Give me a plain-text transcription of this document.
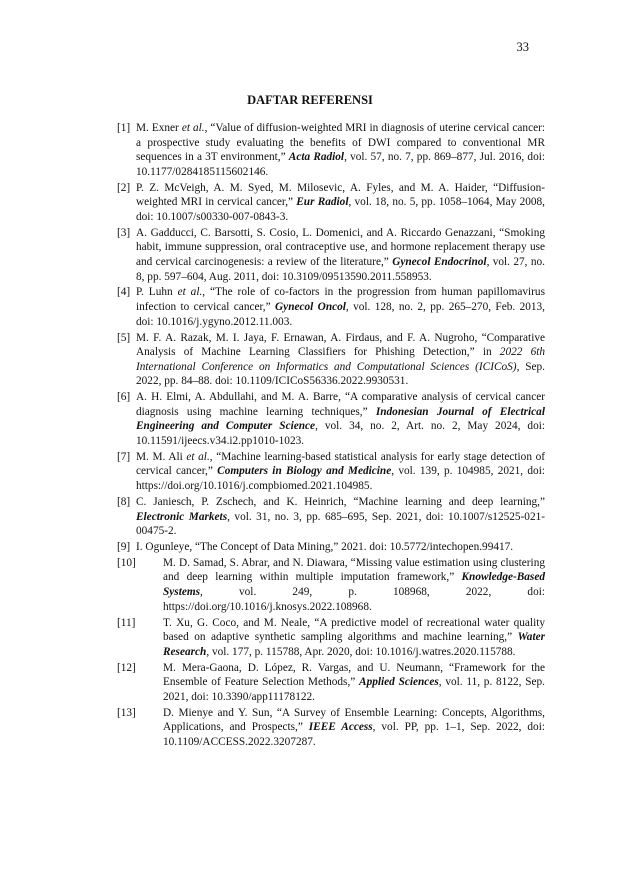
33
DAFTAR REFERENSI
[1] M. Exner et al., “Value of diffusion-weighted MRI in diagnosis of uterine cervical cancer: a prospective study evaluating the benefits of DWI compared to conventional MR sequences in a 3T environment,” Acta Radiol, vol. 57, no. 7, pp. 869–877, Jul. 2016, doi: 10.1177/0284185115602146.
[2] P. Z. McVeigh, A. M. Syed, M. Milosevic, A. Fyles, and M. A. Haider, “Diffusion-weighted MRI in cervical cancer,” Eur Radiol, vol. 18, no. 5, pp. 1058–1064, May 2008, doi: 10.1007/s00330-007-0843-3.
[3] A. Gadducci, C. Barsotti, S. Cosio, L. Domenici, and A. Riccardo Genazzani, “Smoking habit, immune suppression, oral contraceptive use, and hormone replacement therapy use and cervical carcinogenesis: a review of the literature,” Gynecol Endocrinol, vol. 27, no. 8, pp. 597–604, Aug. 2011, doi: 10.3109/09513590.2011.558953.
[4] P. Luhn et al., “The role of co-factors in the progression from human papillomavirus infection to cervical cancer,” Gynecol Oncol, vol. 128, no. 2, pp. 265–270, Feb. 2013, doi: 10.1016/j.ygyno.2012.11.003.
[5] M. F. A. Razak, M. I. Jaya, F. Ernawan, A. Firdaus, and F. A. Nugroho, “Comparative Analysis of Machine Learning Classifiers for Phishing Detection,” in 2022 6th International Conference on Informatics and Computational Sciences (ICICoS), Sep. 2022, pp. 84–88. doi: 10.1109/ICICoS56336.2022.9930531.
[6] A. H. Elmi, A. Abdullahi, and M. A. Barre, “A comparative analysis of cervical cancer diagnosis using machine learning techniques,” Indonesian Journal of Electrical Engineering and Computer Science, vol. 34, no. 2, Art. no. 2, May 2024, doi: 10.11591/ijeecs.v34.i2.pp1010-1023.
[7] M. M. Ali et al., “Machine learning-based statistical analysis for early stage detection of cervical cancer,” Computers in Biology and Medicine, vol. 139, p. 104985, 2021, doi: https://doi.org/10.1016/j.compbiomed.2021.104985.
[8] C. Janiesch, P. Zschech, and K. Heinrich, “Machine learning and deep learning,” Electronic Markets, vol. 31, no. 3, pp. 685–695, Sep. 2021, doi: 10.1007/s12525-021-00475-2.
[9] I. Ogunleye, “The Concept of Data Mining,” 2021. doi: 10.5772/intechopen.99417.
[10] M. D. Samad, S. Abrar, and N. Diawara, “Missing value estimation using clustering and deep learning within multiple imputation framework,” Knowledge-Based Systems, vol. 249, p. 108968, 2022, doi: https://doi.org/10.1016/j.knosys.2022.108968.
[11] T. Xu, G. Coco, and M. Neale, “A predictive model of recreational water quality based on adaptive synthetic sampling algorithms and machine learning,” Water Research, vol. 177, p. 115788, Apr. 2020, doi: 10.1016/j.watres.2020.115788.
[12] M. Mera-Gaona, D. López, R. Vargas, and U. Neumann, “Framework for the Ensemble of Feature Selection Methods,” Applied Sciences, vol. 11, p. 8122, Sep. 2021, doi: 10.3390/app11178122.
[13] D. Mienye and Y. Sun, “A Survey of Ensemble Learning: Concepts, Algorithms, Applications, and Prospects,” IEEE Access, vol. PP, pp. 1–1, Sep. 2022, doi: 10.1109/ACCESS.2022.3207287.
